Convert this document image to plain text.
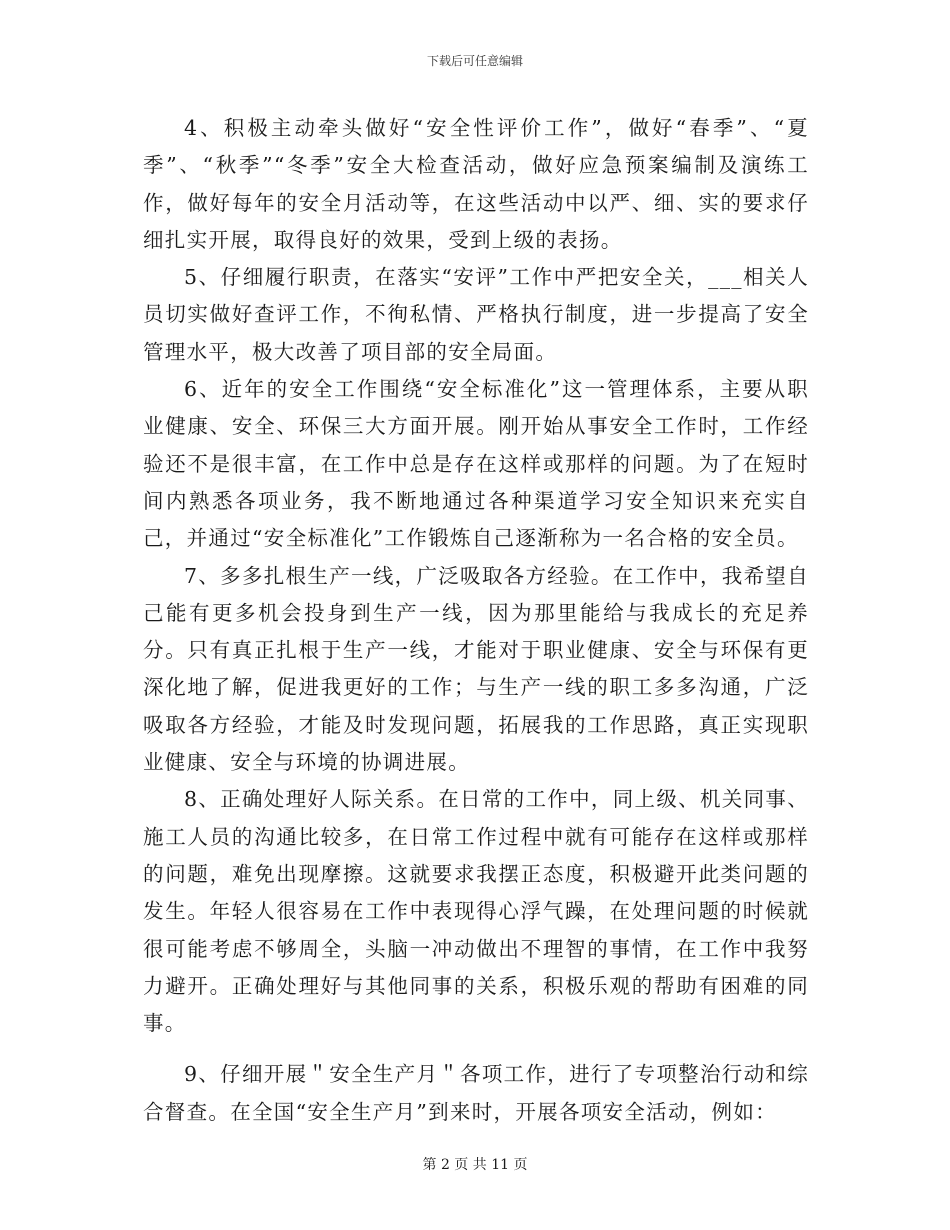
下载后可任意编辑

4、积极主动牵头做好“安全性评价工作”，做好“春季”、“夏季”、“秋季”“冬季”安全大检查活动，做好应急预案编制及演练工作，做好每年的安全月活动等，在这些活动中以严、细、实的要求仔细扎实开展，取得良好的效果，受到上级的表扬。

5、仔细履行职责，在落实“安评”工作中严把安全关，___相关人员切实做好查评工作，不徇私情、严格执行制度，进一步提高了安全管理水平，极大改善了项目部的安全局面。

6、近年的安全工作围绕“安全标准化”这一管理体系，主要从职业健康、安全、环保三大方面开展。刚开始从事安全工作时，工作经验还不是很丰富，在工作中总是存在这样或那样的问题。为了在短时间内熟悉各项业务，我不断地通过各种渠道学习安全知识来充实自己，并通过“安全标准化”工作锻炼自己逐渐称为一名合格的安全员。

7、多多扎根生产一线，广泛吸取各方经验。在工作中，我希望自己能有更多机会投身到生产一线，因为那里能给与我成长的充足养分。只有真正扎根于生产一线，才能对于职业健康、安全与环保有更深化地了解，促进我更好的工作；与生产一线的职工多多沟通，广泛吸取各方经验，才能及时发现问题，拓展我的工作思路，真正实现职业健康、安全与环境的协调进展。

8、正确处理好人际关系。在日常的工作中，同上级、机关同事、施工人员的沟通比较多，在日常工作过程中就有可能存在这样或那样的问题，难免出现摩擦。这就要求我摆正态度，积极避开此类问题的发生。年轻人很容易在工作中表现得心浮气躁，在处理问题的时候就很可能考虑不够周全，头脑一冲动做出不理智的事情，在工作中我努力避开。正确处理好与其他同事的关系，积极乐观的帮助有困难的同事。

9、仔细开展＂安全生产月＂各项工作，进行了专项整治行动和综合督查。在全国“安全生产月”到来时，开展各项安全活动，例如：

第 2 页 共 11 页
